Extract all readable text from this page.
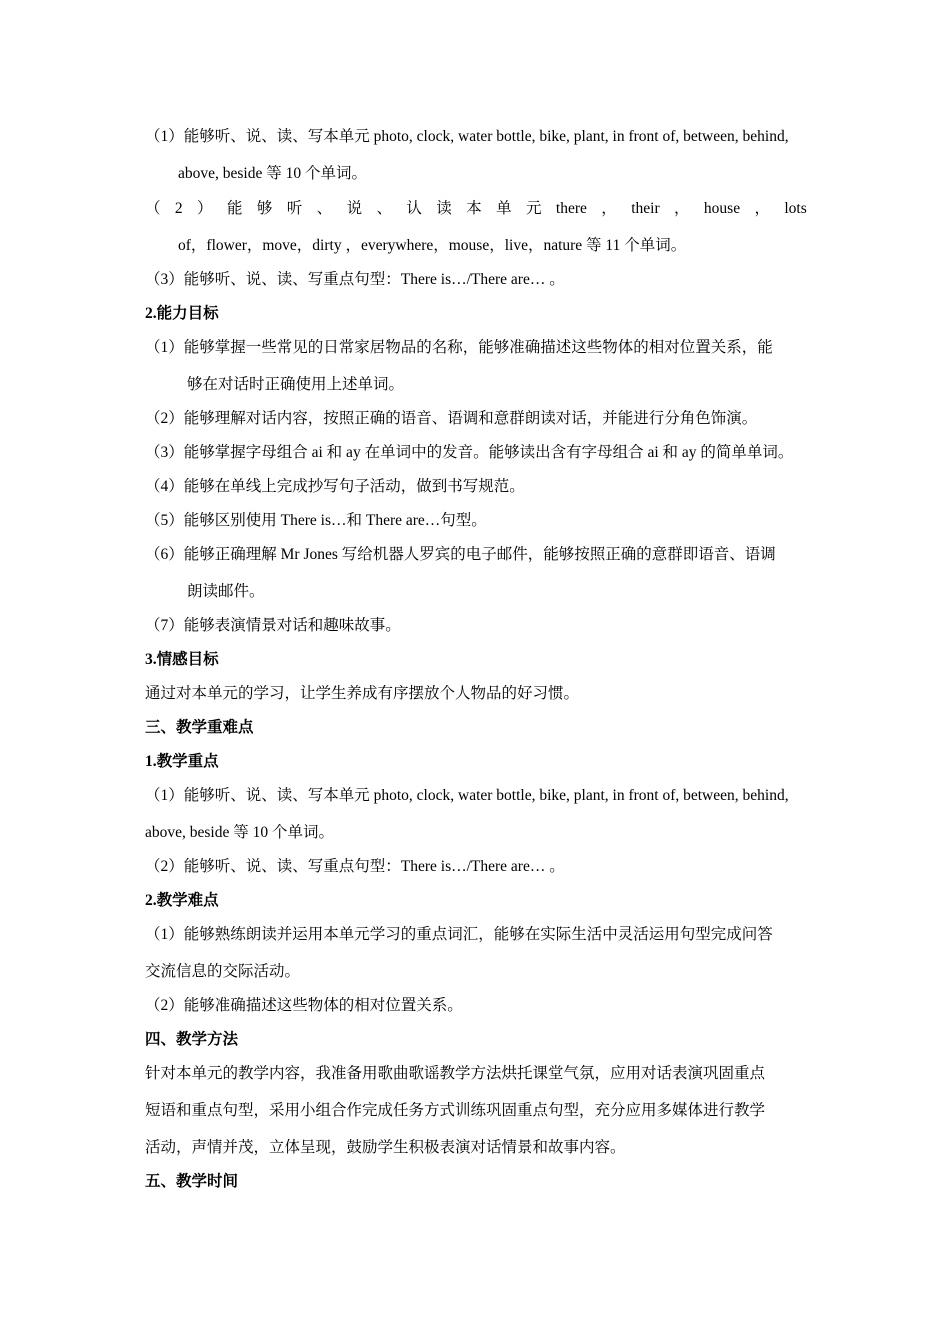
（1）能够听、说、读、写本单元 photo, clock, water bottle, bike, plant, in front of, between, behind,
above, beside 等 10 个单词。
（ 2 ） 能 够 听 、 说 、 认 读 本 单 元 there ， their ， house ， lots
of，flower，move，dirty ，everywhere，mouse，live，nature 等 11 个单词。
（3）能够听、说、读、写重点句型：There is…/There are… 。
2.能力目标
（1）能够掌握一些常见的日常家居物品的名称，能够准确描述这些物体的相对位置关系，能
够在对话时正确使用上述单词。
（2）能够理解对话内容，按照正确的语音、语调和意群朗读对话，并能进行分角色饰演。
（3）能够掌握字母组合 ai 和 ay 在单词中的发音。能够读出含有字母组合 ai 和 ay 的简单单词。
（4）能够在单线上完成抄写句子活动，做到书写规范。
（5）能够区别使用 There is…和 There are…句型。
（6）能够正确理解 Mr Jones 写给机器人罗宾的电子邮件，能够按照正确的意群即语音、语调
朗读邮件。
（7）能够表演情景对话和趣味故事。
3.情感目标
通过对本单元的学习，让学生养成有序摆放个人物品的好习惯。
三、教学重难点
1.教学重点
（1）能够听、说、读、写本单元 photo, clock, water bottle, bike, plant, in front of, between, behind,
above, beside 等 10 个单词。
（2）能够听、说、读、写重点句型：There is…/There are… 。
2.教学难点
（1）能够熟练朗读并运用本单元学习的重点词汇，能够在实际生活中灵活运用句型完成问答
交流信息的交际活动。
（2）能够准确描述这些物体的相对位置关系。
四、教学方法
针对本单元的教学内容，我准备用歌曲歌谣教学方法烘托课堂气氛，应用对话表演巩固重点
短语和重点句型，采用小组合作完成任务方式训练巩固重点句型，充分应用多媒体进行教学
活动，声情并茂，立体呈现，鼓励学生积极表演对话情景和故事内容。
五、教学时间
